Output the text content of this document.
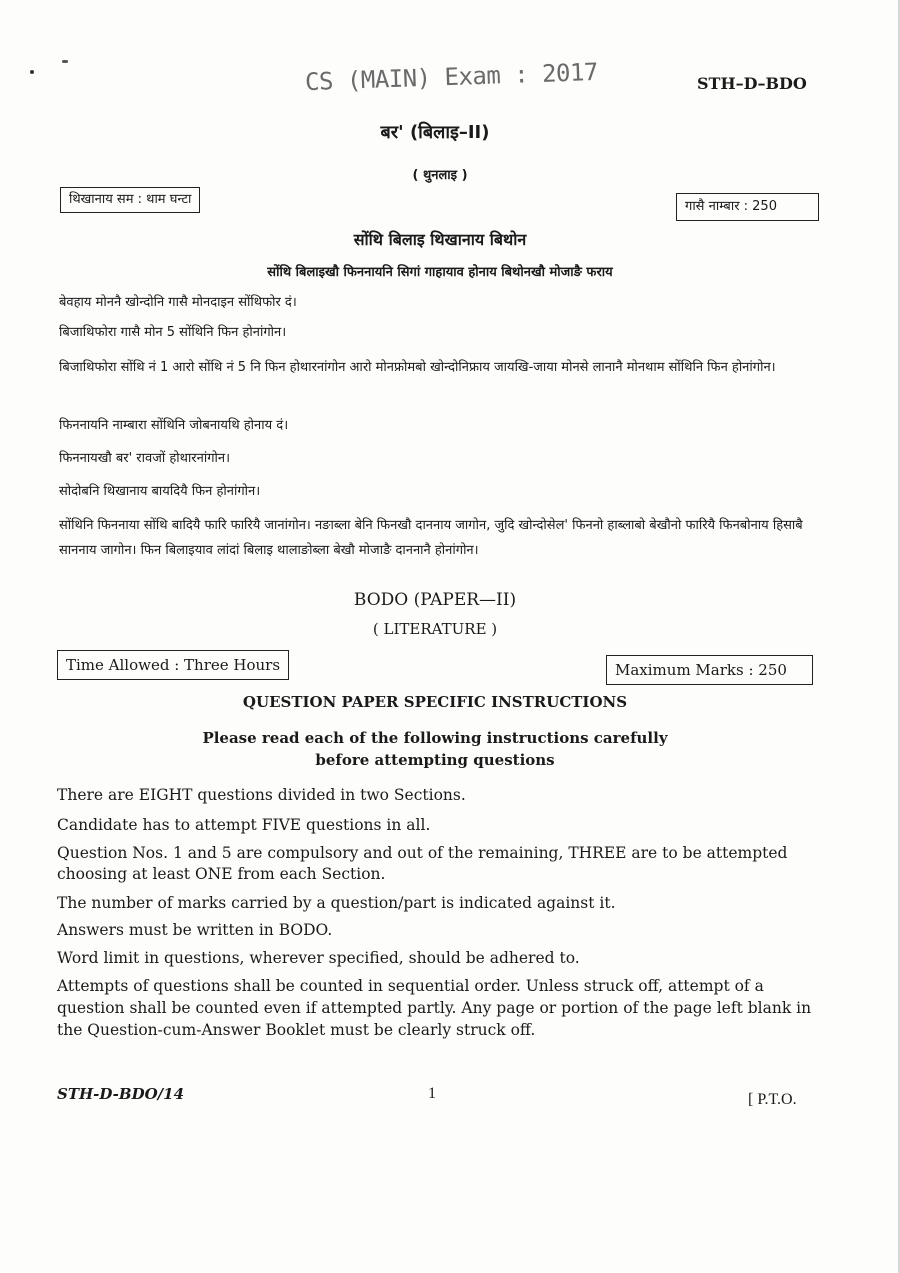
CS (MAIN) Exam : 2017	STH–D–BDO
बर' (बिलाइ–II)
( थुनलाइ )
थिखानाय सम : थाम घन्टा	गासै नाम्बार : 250
सोंथि बिलाइ थिखानाय बिथोन
सोंथि बिलाइखौ फिननायनि सिगां गाहायाव होनाय बिथोनखौ मोजाङै फराय
बेवहाय मोननै खोन्दोनि गासै मोनदाइन सोंथिफोर दं।
बिजाथिफोरा गासै मोन 5 सोंथिनि फिन होनांगोन।
बिजाथिफोरा सोंथि नं 1 आरो सोंथि नं 5 नि फिन होथारनांगोन आरो मोनफ्रोमबो खोन्दोनिफ्राय जायखि-जाया मोनसे लानानै मोनथाम सोंथिनि फिन होनांगोन।
फिननायनि नाम्बारा सोंथिनि जोबनायथि होनाय दं।
फिननायखौ बर' रावजों होथारनांगोन।
सोदोबनि थिखानाय बायदियै फिन होनांगोन।
सोंथिनि फिननाया सोंथि बादियै फारि फारियै जानांगोन। नङाब्ला बेनि फिनखौ दाननाय जागोन, जुदि खोन्दोसेल' फिननो हाब्लाबो बेखौनो फारियै फिनबोनाय हिसाबै साननाय जागोन। फिन बिलाइयाव लांदां बिलाइ थालाङोब्ला बेखौ मोजाङै दाननानै होनांगोन।
BODO (PAPER—II)
( LITERATURE )
Time Allowed : Three Hours	Maximum Marks : 250
QUESTION PAPER SPECIFIC INSTRUCTIONS
Please read each of the following instructions carefully
before attempting questions
There are EIGHT questions divided in two Sections.
Candidate has to attempt FIVE questions in all.
Question Nos. 1 and 5 are compulsory and out of the remaining, THREE are to be attempted choosing at least ONE from each Section.
The number of marks carried by a question/part is indicated against it.
Answers must be written in BODO.
Word limit in questions, wherever specified, should be adhered to.
Attempts of questions shall be counted in sequential order. Unless struck off, attempt of a question shall be counted even if attempted partly. Any page or portion of the page left blank in the Question-cum-Answer Booklet must be clearly struck off.
STH-D-BDO/14	1	[ P.T.O.
